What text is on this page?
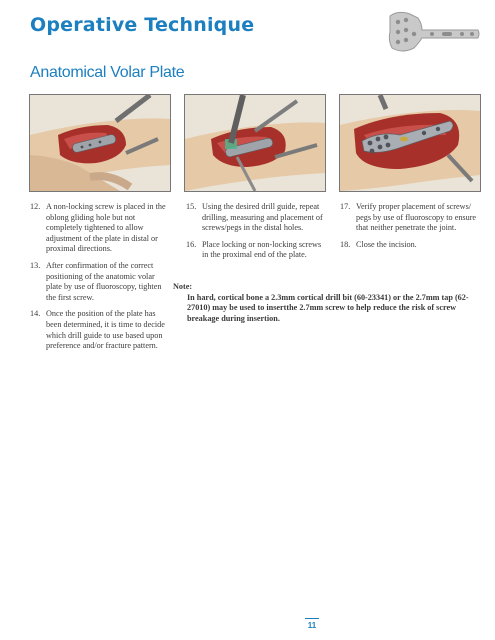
Operative Technique
Anatomical Volar Plate
12. A non-locking screw is placed in the oblong gliding hole but not completely tightened to allow adjustment of the plate in distal or proximal directions.
13. After confirmation of the correct positioning of the anatomic volar plate by use of fluoroscopy, tighten the first screw.
14. Once the position of the plate has been determined, it is time to decide which drill guide to use based upon preference and/or fracture pattern.
15. Using the desired drill guide, repeat drilling, measuring and placement of screws/pegs in the distal holes.
16. Place locking or non-locking screws in the proximal end of the plate.
17. Verify proper placement of screws/ pegs by use of fluoroscopy to ensure that neither penetrate the joint.
18. Close the incision.
Note:
In hard, cortical bone a 2.3mm cortical drill bit (60-23341) or the 2.7mm tap (62-27010) may be used to insertthe 2.7mm screw to help reduce the risk of screw breakage during insertion.
11
